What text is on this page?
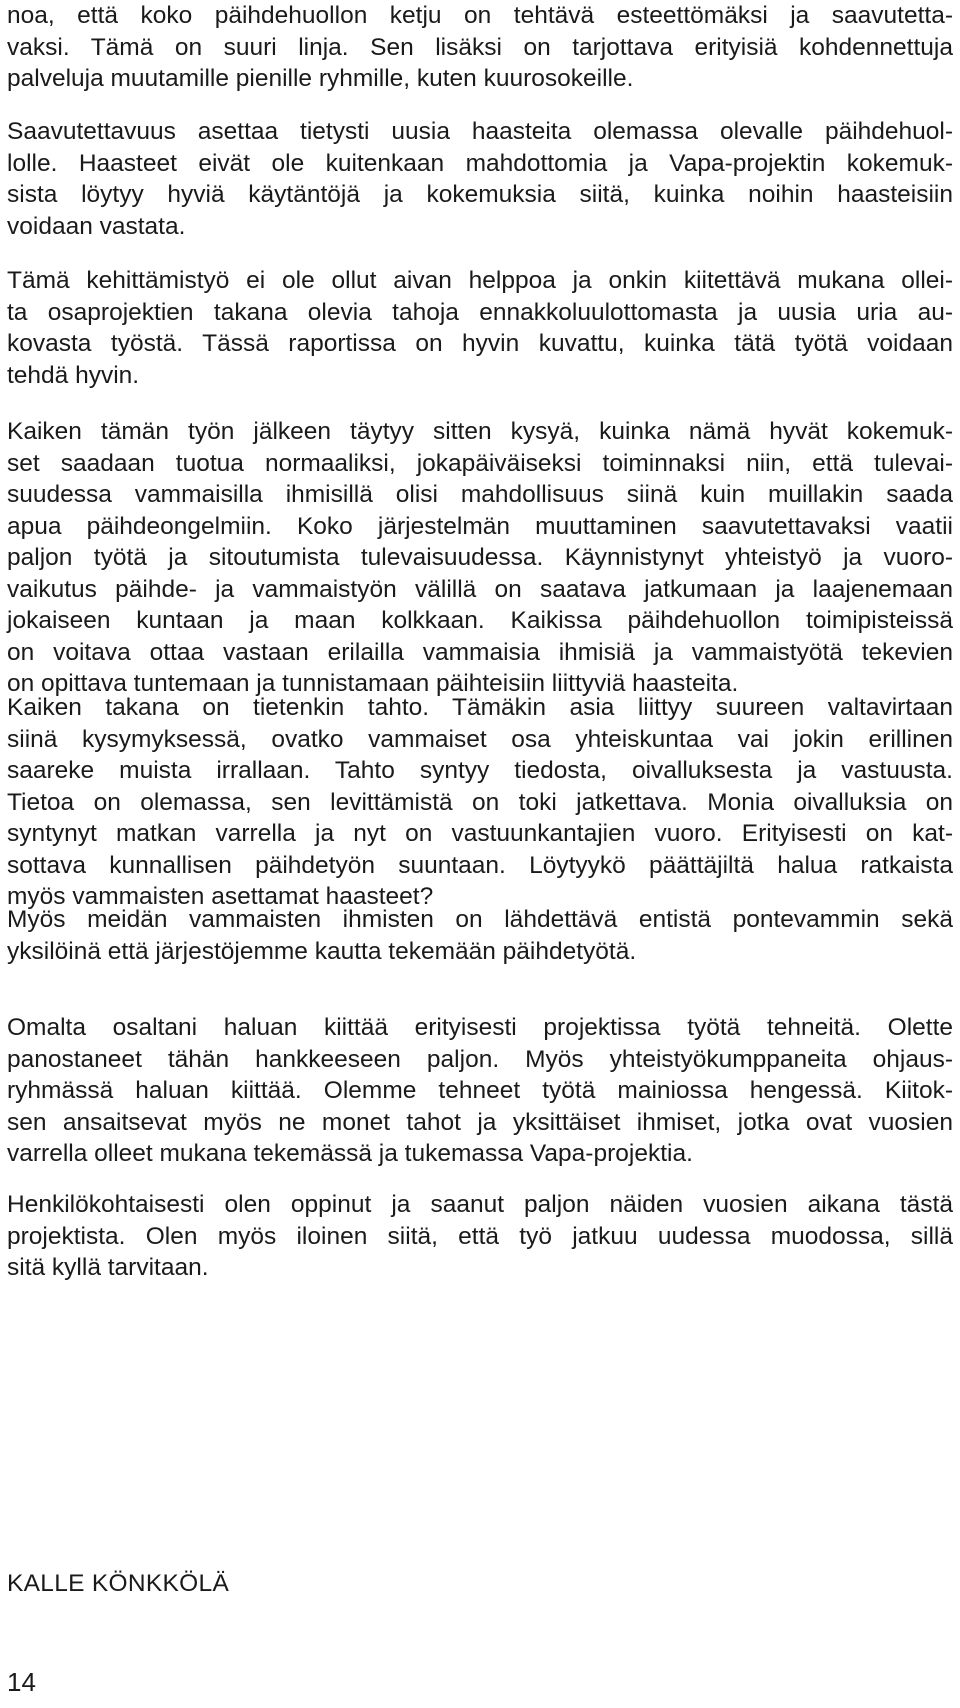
noa, että koko päihdehuollon ketju on tehtävä esteettömäksi ja saavutetta-
vaksi. Tämä on suuri linja. Sen lisäksi on tarjottava erityisiä kohdennettuja
palveluja muutamille pienille ryhmille, kuten kuurosokeille.
Saavutettavuus asettaa tietysti uusia haasteita olemassa olevalle päihdehuol-
lolle. Haasteet eivät ole kuitenkaan mahdottomia ja Vapa-projektin kokemuk-
sista löytyy hyviä käytäntöjä ja kokemuksia siitä, kuinka noihin haasteisiin
voidaan vastata.
Tämä kehittämistyö ei ole ollut aivan helppoa ja onkin kiitettävä mukana ollei-
ta osaprojektien takana olevia tahoja ennakkoluulottomasta ja uusia uria au-
kovasta työstä. Tässä raportissa on hyvin kuvattu, kuinka tätä työtä voidaan
tehdä hyvin.
Kaiken tämän työn jälkeen täytyy sitten kysyä, kuinka nämä hyvät kokemuk-
set saadaan tuotua normaaliksi, jokapäiväiseksi toiminnaksi niin, että tulevai-
suudessa vammaisilla ihmisillä olisi mahdollisuus siinä kuin muillakin saada
apua päihdeongelmiin. Koko järjestelmän muuttaminen saavutettavaksi vaatii
paljon työtä ja sitoutumista tulevaisuudessa. Käynnistynyt yhteistyö ja vuoro-
vaikutus päihde- ja vammaistyön välillä on saatava jatkumaan ja laajenemaan
jokaiseen kuntaan ja maan kolkkaan. Kaikissa päihdehuollon toimipisteissä
on voitava ottaa vastaan erilailla vammaisia ihmisiä ja vammaistyötä tekevien
on opittava tuntemaan ja tunnistamaan päihteisiin liittyviä haasteita.
Kaiken takana on tietenkin tahto. Tämäkin asia liittyy suureen valtavirtaan
siinä kysymyksessä, ovatko vammaiset osa yhteiskuntaa vai jokin erillinen
saareke muista irrallaan. Tahto syntyy tiedosta, oivalluksesta ja vastuusta.
Tietoa on olemassa, sen levittämistä on toki jatkettava. Monia oivalluksia on
syntynyt matkan varrella ja nyt on vastuunkantajien vuoro. Erityisesti on kat-
sottava kunnallisen päihdetyön suuntaan. Löytyykö päättäjiltä halua ratkaista
myös vammaisten asettamat haasteet?
Myös meidän vammaisten ihmisten on lähdettävä entistä pontevammin sekä
yksilöinä että järjestöjemme kautta tekemään päihdetyötä.
Omalta osaltani haluan kiittää erityisesti projektissa työtä tehneitä. Olette
panostaneet tähän hankkeeseen paljon. Myös yhteistyökumppaneita ohjaus-
ryhmässä haluan kiittää. Olemme tehneet työtä mainiossa hengessä. Kiitok-
sen ansaitsevat myös ne monet tahot ja yksittäiset ihmiset, jotka ovat vuosien
varrella olleet mukana tekemässä ja tukemassa Vapa-projektia.
Henkilökohtaisesti olen oppinut ja saanut paljon näiden vuosien aikana tästä
projektista. Olen myös iloinen siitä, että työ jatkuu uudessa muodossa, sillä
sitä kyllä tarvitaan.
KALLE KÖNKKÖLÄ
14
